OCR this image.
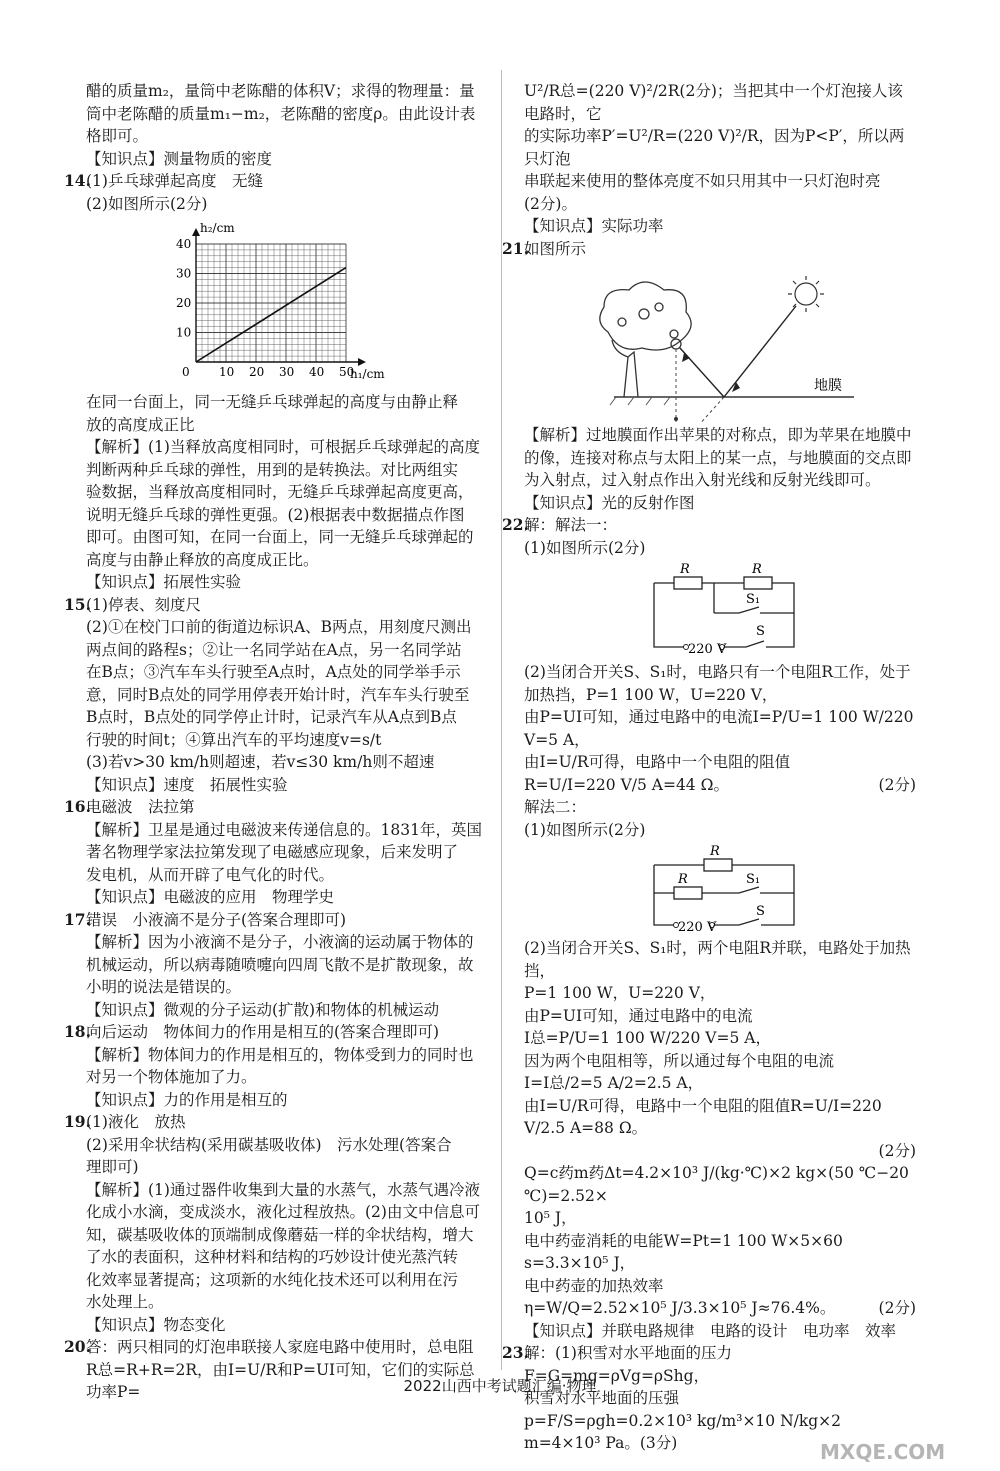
醋的质量m₂，量筒中老陈醋的体积V；求得的物理量：量

筒中老陈醋的质量m₁−m₂，老陈醋的密度ρ。由此设计表

格即可。

【知识点】测量物质的密度

14.(1)乒乓球弹起高度　无缝

(2)如图所示(2分)

0 10 20 30 40 50
10
20
30
40
h₂/cm
h₁/cm

在同一台面上，同一无缝乒乓球弹起的高度与由静止释

放的高度成正比

【解析】(1)当释放高度相同时，可根据乒乓球弹起的高度

判断两种乒乓球的弹性，用到的是转换法。对比两组实

验数据，当释放高度相同时，无缝乒乓球弹起高度更高，

说明无缝乒乓球的弹性更强。(2)根据表中数据描点作图

即可。由图可知，在同一台面上，同一无缝乒乓球弹起的

高度与由静止释放的高度成正比。

【知识点】拓展性实验

15.(1)停表、刻度尺

(2)①在校门口前的街道边标识A、B两点，用刻度尺测出

两点间的路程s；②让一名同学站在A点，另一名同学站

在B点；③汽车车头行驶至A点时，A点处的同学举手示

意，同时B点处的同学用停表开始计时，汽车车头行驶至

B点时，B点处的同学停止计时，记录汽车从A点到B点

行驶的时间t；④算出汽车的平均速度v=s/t

(3)若v>30 km/h则超速，若v≤30 km/h则不超速

【知识点】速度　拓展性实验

16.电磁波　法拉第

【解析】卫星是通过电磁波来传递信息的。1831年，英国

著名物理学家法拉第发现了电磁感应现象，后来发明了

发电机，从而开辟了电气化的时代。

【知识点】电磁波的应用　物理学史

17.错误　小液滴不是分子(答案合理即可)

【解析】因为小液滴不是分子，小液滴的运动属于物体的

机械运动，所以病毒随喷嚏向四周飞散不是扩散现象，故

小明的说法是错误的。

【知识点】微观的分子运动(扩散)和物体的机械运动

18.向后运动　物体间力的作用是相互的(答案合理即可)

【解析】物体间力的作用是相互的，物体受到力的同时也

对另一个物体施加了力。

【知识点】力的作用是相互的

19.(1)液化　放热

(2)采用伞状结构(采用碳基吸收体)　污水处理(答案合

理即可)

【解析】(1)通过器件收集到大量的水蒸气，水蒸气遇冷液

化成小水滴，变成淡水，液化过程放热。(2)由文中信息可

知，碳基吸收体的顶端制成像蘑菇一样的伞状结构，增大

了水的表面积，这种材料和结构的巧妙设计使光蒸汽转

化效率显著提高；这项新的水纯化技术还可以利用在污

水处理上。

【知识点】物态变化

20.答：两只相同的灯泡串联接人家庭电路中使用时，总电阻

R总=R+R=2R，由I=U/R和P=UI可知，它们的实际总功率P=

U²/R总=(220 V)²/2R(2分)；当把其中一个灯泡接人该电路时，它

的实际功率P′=U²/R=(220 V)²/R，因为P<P′，所以两只灯泡

串联起来使用的整体亮度不如只用其中一只灯泡时亮

(2分)。

【知识点】实际功率

21.如图所示

地膜

【解析】过地膜面作出苹果的对称点，即为苹果在地膜中

的像，连接对称点与太阳上的某一点，与地膜面的交点即

为入射点，过入射点作出入射光线和反射光线即可。

【知识点】光的反射作图

22.解：解法一：

(1)如图所示(2分)

R	R
S₁
S
220 V

(2)当闭合开关S、S₁时，电路只有一个电阻R工作，处于

加热挡，P=1 100 W，U=220 V，

由P=UI可知，通过电路中的电流I=P/U=1 100 W/220 V=5 A，

由I=U/R可得，电路中一个电阻的阻值

R=U/I=220 V/5 A=44 Ω。	(2分)

解法二：

(1)如图所示(2分)

R
R	S₁
S
220 V

(2)当闭合开关S、S₁时，两个电阻R并联，电路处于加热挡，

P=1 100 W，U=220 V，

由P=UI可知，通过电路中的电流

I总=P/U=1 100 W/220 V=5 A，

因为两个电阻相等，所以通过每个电阻的电流

I=I总/2=5 A/2=2.5 A，

由I=U/R可得，电路中一个电阻的阻值R=U/I=220 V/2.5 A=88 Ω。

(2分)

Q=c药m药Δt=4.2×10³ J/(kg·℃)×2 kg×(50 ℃−20 ℃)=2.52×

10⁵ J，

电中药壶消耗的电能W=Pt=1 100 W×5×60 s=3.3×10⁵ J，

电中药壶的加热效率

η=W/Q=2.52×10⁵ J/3.3×10⁵ J≈76.4%。	(2分)

【知识点】并联电路规律　电路的设计　电功率　效率

23.解：(1)积雪对水平地面的压力F=G=mg=ρVg=ρShg，

积雪对水平地面的压强

p=F/S=ρgh=0.2×10³ kg/m³×10 N/kg×2 m=4×10³ Pa。(3分)

2022山西中考试题汇编·物理
MXQE.COM
